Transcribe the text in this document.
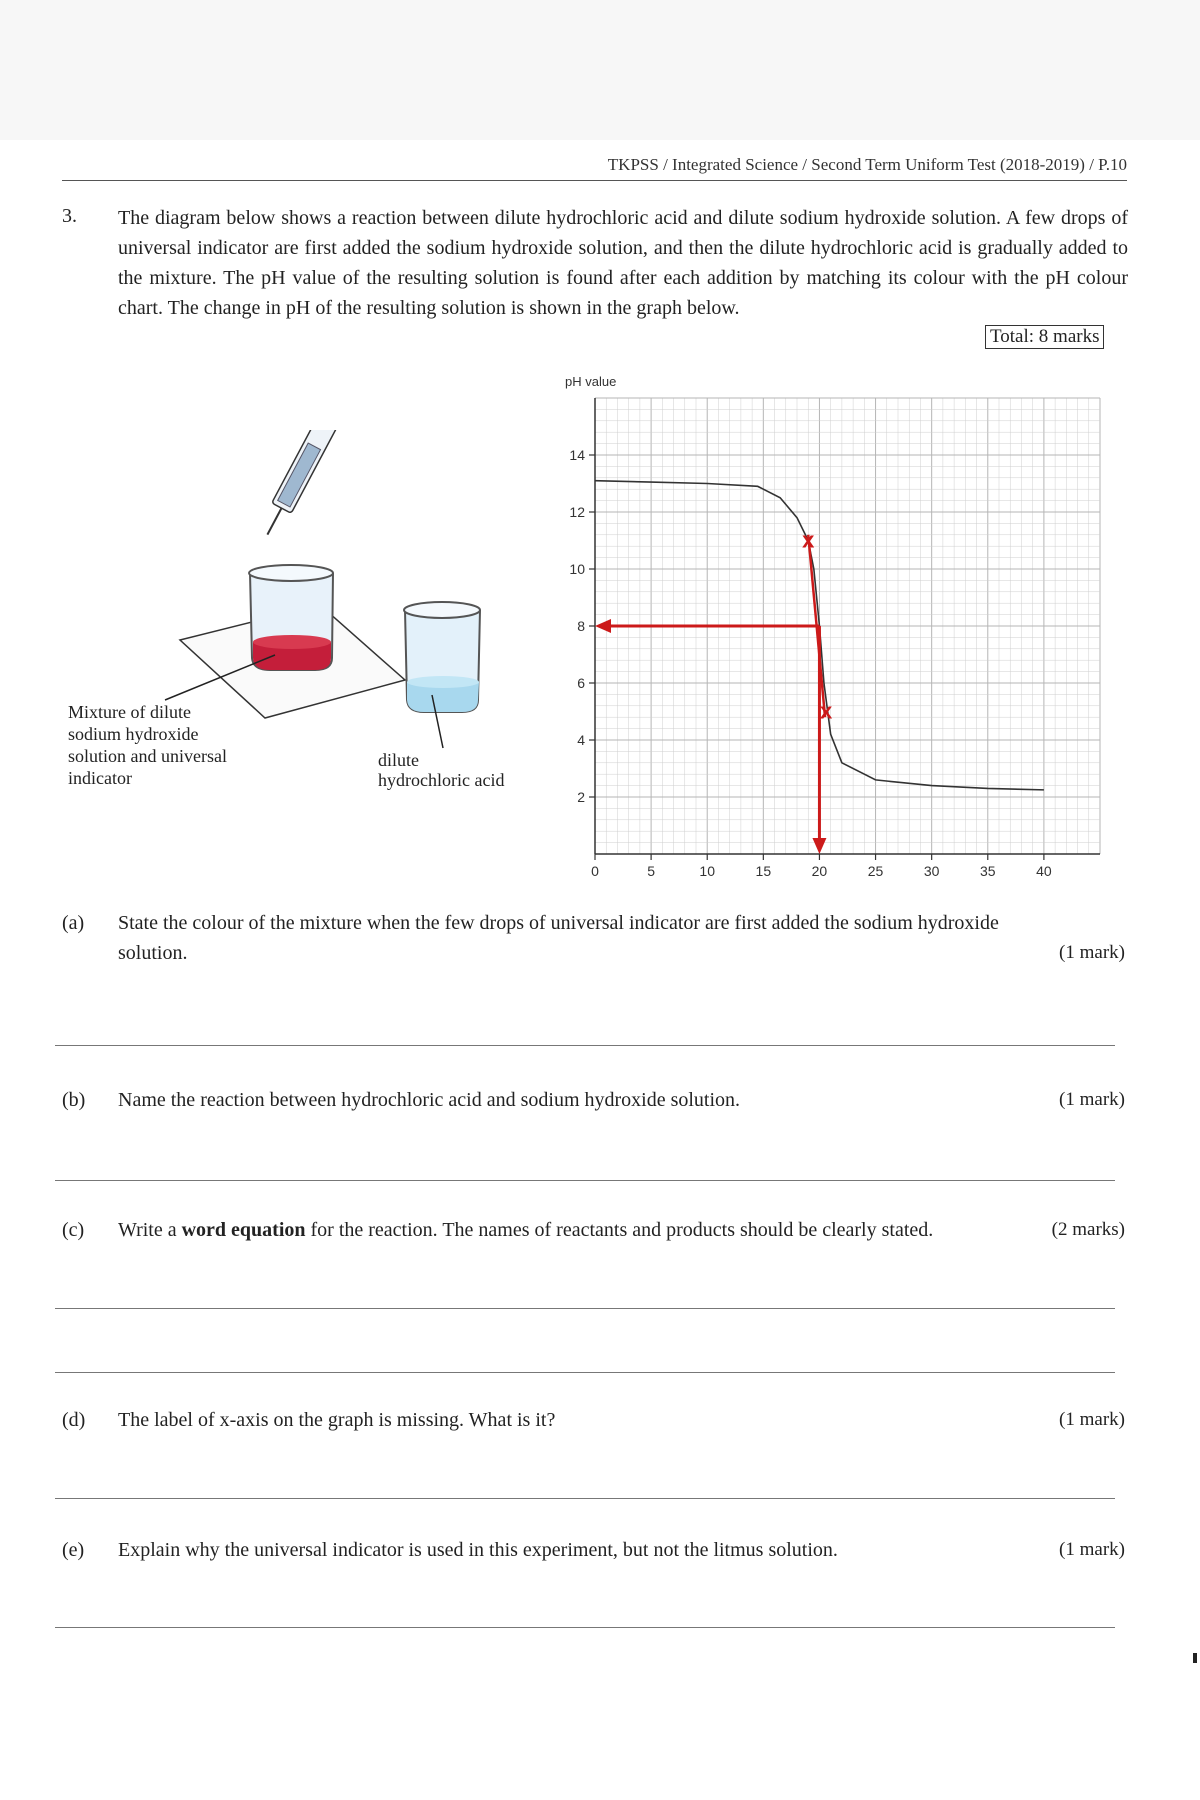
TKPSS / Integrated Science / Second Term Uniform Test (2018-2019) / P.10
3. The diagram below shows a reaction between dilute hydrochloric acid and dilute sodium hydroxide solution. A few drops of universal indicator are first added the sodium hydroxide solution, and then the dilute hydrochloric acid is gradually added to the mixture. The pH value of the resulting solution is found after each addition by matching its colour with the pH colour chart. The change in pH of the resulting solution is shown in the graph below.
Total: 8 marks
Mixture of dilute
sodium hydroxide
solution and universal
indicator
dilute
hydrochloric acid
2
4
6
8
10
12
14
0	5	10	15	20	25	30	35	40
pH value
x
x
(a)	State the colour of the mixture when the few drops of universal indicator are first added the sodium hydroxide solution.	(1 mark)
(b)	Name the reaction between hydrochloric acid and sodium hydroxide solution.	(1 mark)
(c)	Write a word equation for the reaction. The names of reactants and products should be clearly stated.	(2 marks)
(d)	The label of x-axis on the graph is missing. What is it?	(1 mark)
(e)	Explain why the universal indicator is used in this experiment, but not the litmus solution.	(1 mark)
